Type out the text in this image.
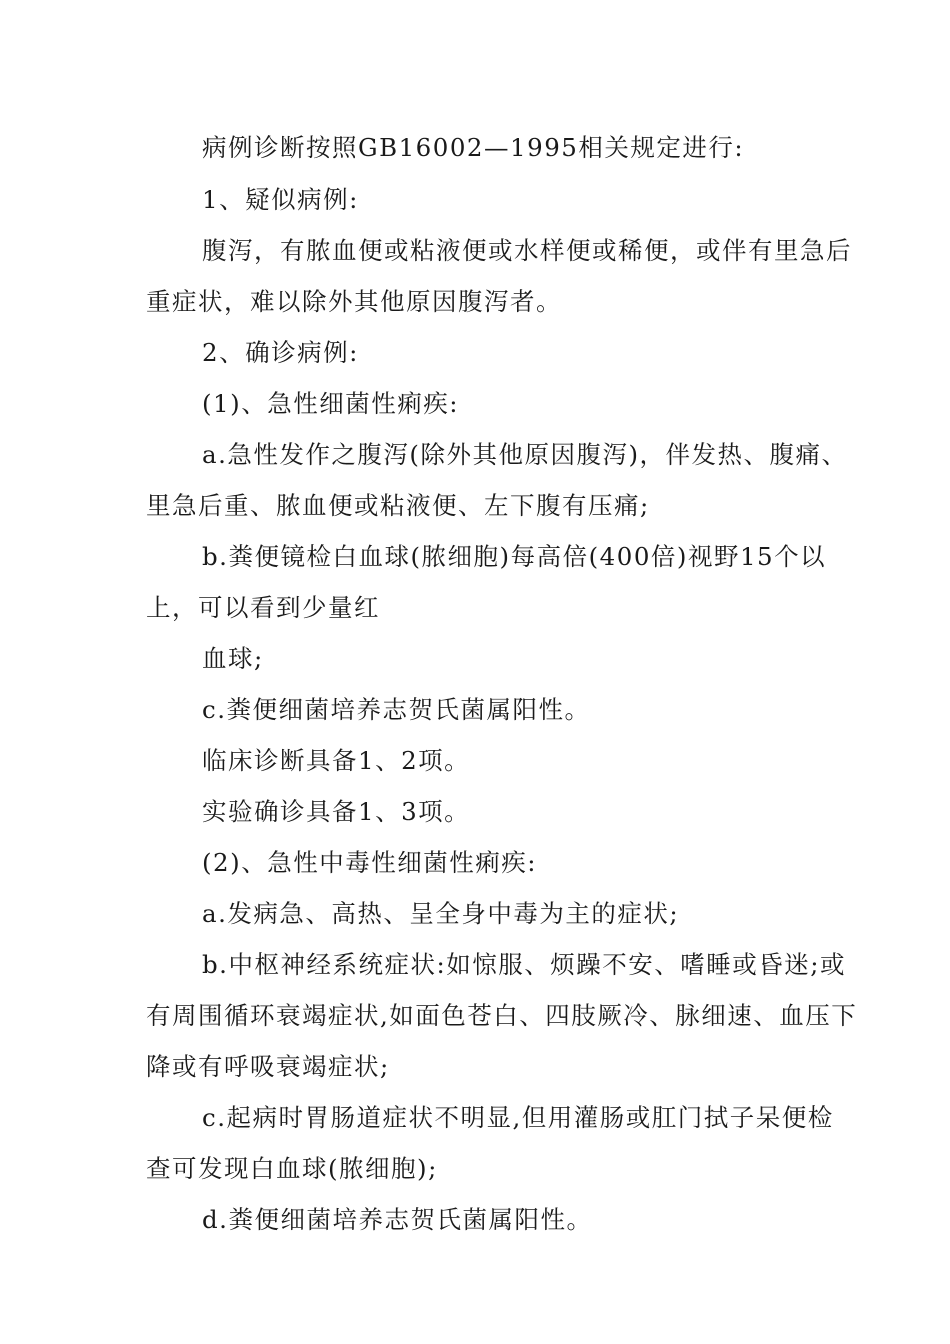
病例诊断按照GB16002—1995相关规定进行:
1、疑似病例:
腹泻，有脓血便或粘液便或水样便或稀便，或伴有里急后
重症状，难以除外其他原因腹泻者。
2、确诊病例:
(1)、急性细菌性痢疾:
a.急性发作之腹泻(除外其他原因腹泻)，伴发热、腹痛、
里急后重、脓血便或粘液便、左下腹有压痛;
b.粪便镜检白血球(脓细胞)每高倍(400倍)视野15个以
上，可以看到少量红
血球;
c.粪便细菌培养志贺氏菌属阳性。
临床诊断具备1、2项。
实验确诊具备1、3项。
(2)、急性中毒性细菌性痢疾:
a.发病急、高热、呈全身中毒为主的症状;
b.中枢神经系统症状:如惊服、烦躁不安、嗜睡或昏迷;或
有周围循环衰竭症状,如面色苍白、四肢厥冷、脉细速、血压下
降或有呼吸衰竭症状;
c.起病时胃肠道症状不明显,但用灌肠或肛门拭子呆便检
查可发现白血球(脓细胞);
d.粪便细菌培养志贺氏菌属阳性。
